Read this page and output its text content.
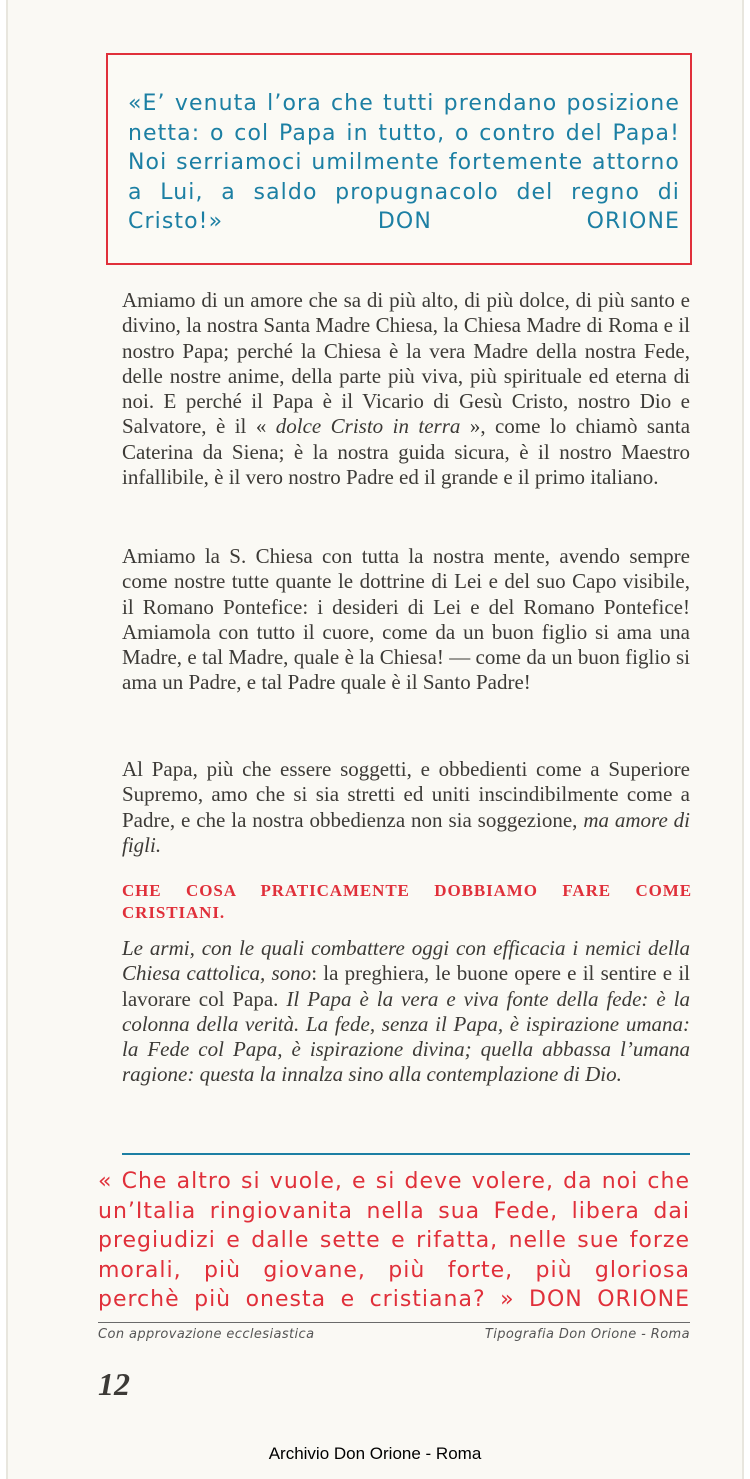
«E’ venuta l’ora che tutti prendano posizione netta: o col Papa in tutto, o contro del Papa! Noi serriamoci umilmente fortemente attorno a Lui, a saldo propugnacolo del regno di Cristo!»	DON ORIONE

Amiamo di un amore che sa di più alto, di più dolce, di più santo e divino, la nostra Santa Madre Chiesa, la Chiesa Madre di Roma e il nostro Papa; perché la Chiesa è la vera Madre della nostra Fede, delle nostre anime, della parte più viva, più spirituale ed eterna di noi. E perché il Papa è il Vicario di Gesù Cristo, nostro Dio e Salvatore, è il « dolce Cristo in terra », come lo chiamò santa Caterina da Siena; è la nostra guida sicura, è il nostro Maestro infallibile, è il vero nostro Padre ed il grande e il primo italiano.

Amiamo la S. Chiesa con tutta la nostra mente, avendo sempre come nostre tutte quante le dottrine di Lei e del suo Capo visibile, il Romano Pontefice: i desideri di Lei e del Romano Pontefice! Amiamola con tutto il cuore, come da un buon figlio si ama una Madre, e tal Madre, quale è la Chiesa! — come da un buon figlio si ama un Padre, e tal Padre quale è il Santo Padre!

Al Papa, più che essere soggetti, e obbedienti come a Superiore Supremo, amo che si sia stretti ed uniti inscindibilmente come a Padre, e che la nostra obbedienza non sia soggezione, ma amore di figli.

CHE COSA PRATICAMENTE DOBBIAMO FARE COME CRISTIANI.

Le armi, con le quali combattere oggi con efficacia i nemici della Chiesa cattolica, sono: la preghiera, le buone opere e il sentire e il lavorare col Papa. Il Papa è la vera e viva fonte della fede: è la colonna della verità. La fede, senza il Papa, è ispirazione umana: la Fede col Papa, è ispirazione divina; quella abbassa l’umana ragione: questa la innalza sino alla contemplazione di Dio.

« Che altro si vuole, e si deve volere, da noi che un’Italia ringiovanita nella sua Fede, libera dai pregiudizi e dalle sette e rifatta, nelle sue forze morali, più giovane, più forte, più gloriosa perchè più onesta e cristiana? » DON ORIONE

Con approvazione ecclesiastica	Tipografia Don Orione - Roma

12

Archivio Don Orione - Roma
